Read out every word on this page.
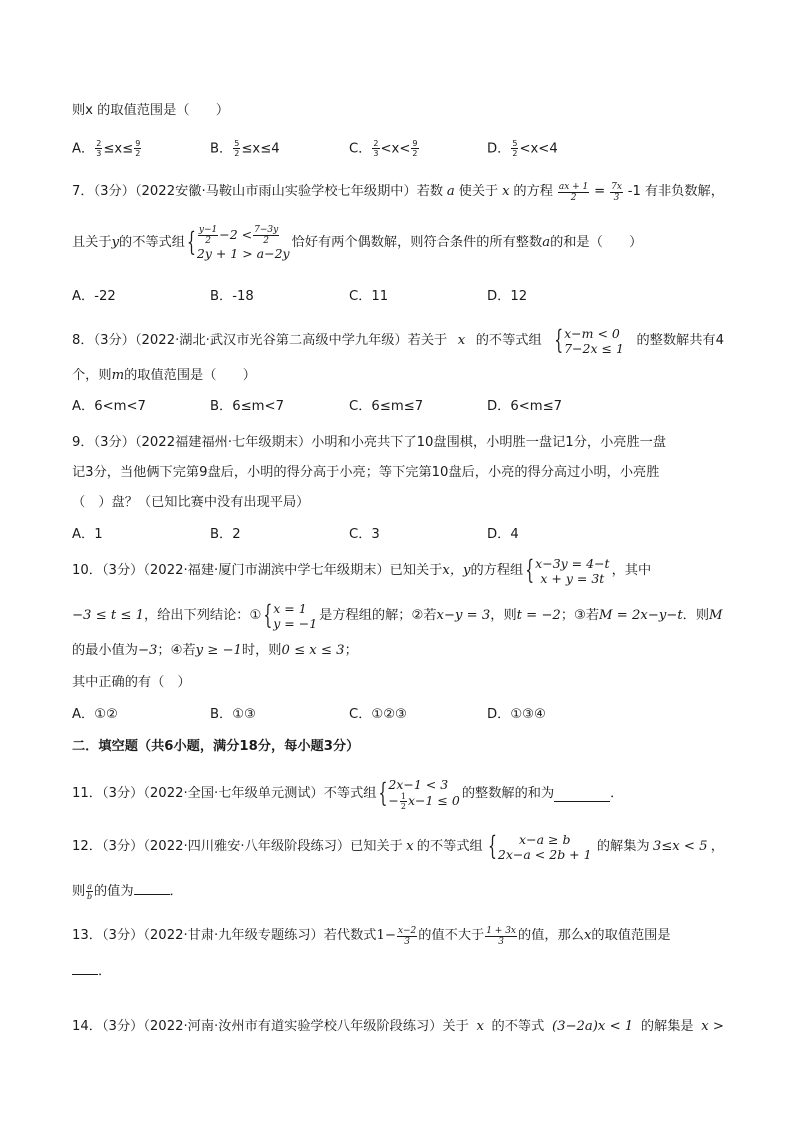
则x 的取值范围是（　　）
A． $\frac{2}{3} \le x\le \frac{9}{2}$	B． $\frac{5}{2} \le x\le 4$	C． $\frac{2}{3} <x< \frac{9}{2}$	D． $\frac{5}{2} <x<4$
7．（3分）（2022安徽·马鞍山市雨山实验学校七年级期中）若数 a 使关于 x 的方程 $\frac{ax + 1}{2} = \frac{7x}{3} -1$ 有非负数解，
且关于 y 的不等式组 { $\frac{y-1}{2} -2 < \frac{7-3y}{2}$
2y + 1 > a−2y
恰好有两个偶数解，则符合条件的所有整数 a 的和是（　　）
A．-22	B．-18	C．11	D．12
8．（3分）（2022·湖北·武汉市光谷第二高级中学九年级）若关于 x 的不等式组 { x−m < 0
7−2x ≤ 1
的整数解共有4
个，则m的取值范围是（　　）
A．6<m<7	B．6≤m<7	C．6≤m≤7	D．6<m≤7
9．（3分）（2022福建福州·七年级期末）小明和小亮共下了10盘围棋，小明胜一盘记1分，小亮胜一盘
记3分，当他俩下完第9盘后，小明的得分高于小亮；等下完第10盘后，小亮的得分高过小明，小亮胜
（　）盘？（已知比赛中没有出现平局）
A．1	B．2	C．3	D．4
10．（3分）（2022·福建·厦门市湖滨中学七年级期末）已知关于 x，y 的方程组 { x−3y = 4−t
x + y = 3t
，其中
−3 ≤ t ≤ 1 ，给出下列结论： ① { x = 1
y = −1
是方程组的解； ② 若 x−y = 3 ，则 t = −2 ； ③ 若 M = 2x−y−t ．则 M
的最小值为−3；④若y ≥ −1时，则0 ≤ x ≤ 3；
其中正确的有（　）
A．①②	B．①③	C．①②③	D．①③④
二．填空题（共6小题，满分18分，每小题3分）
11．（3分）（2022·全国·七年级单元测试）不等式组 { 2x−1 < 3
− $\frac{1}{2} x-1 \le 0$ 的整数解的和为	．
12．（3分）（2022·四川雅安·八年级阶段练习）已知关于 x 的不等式组 { x−a ≥ b
2x−a < 2b + 1
的解集为 3≤x < 5 ，
则 $\frac{a}{b}$ 的值为	．
13．（3分）（2022·甘肃·九年级专题练习）若代数式 $1- \frac{x-2}{3}$ 的值不大于 $\frac{1 + 3x}{3}$ 的值，那么 x 的取值范围是
．
14．（3分）（2022·河南·汝州市有道实验学校八年级阶段练习）关于 x 的不等式 (3−2a)x < 1 的解集是 x >
